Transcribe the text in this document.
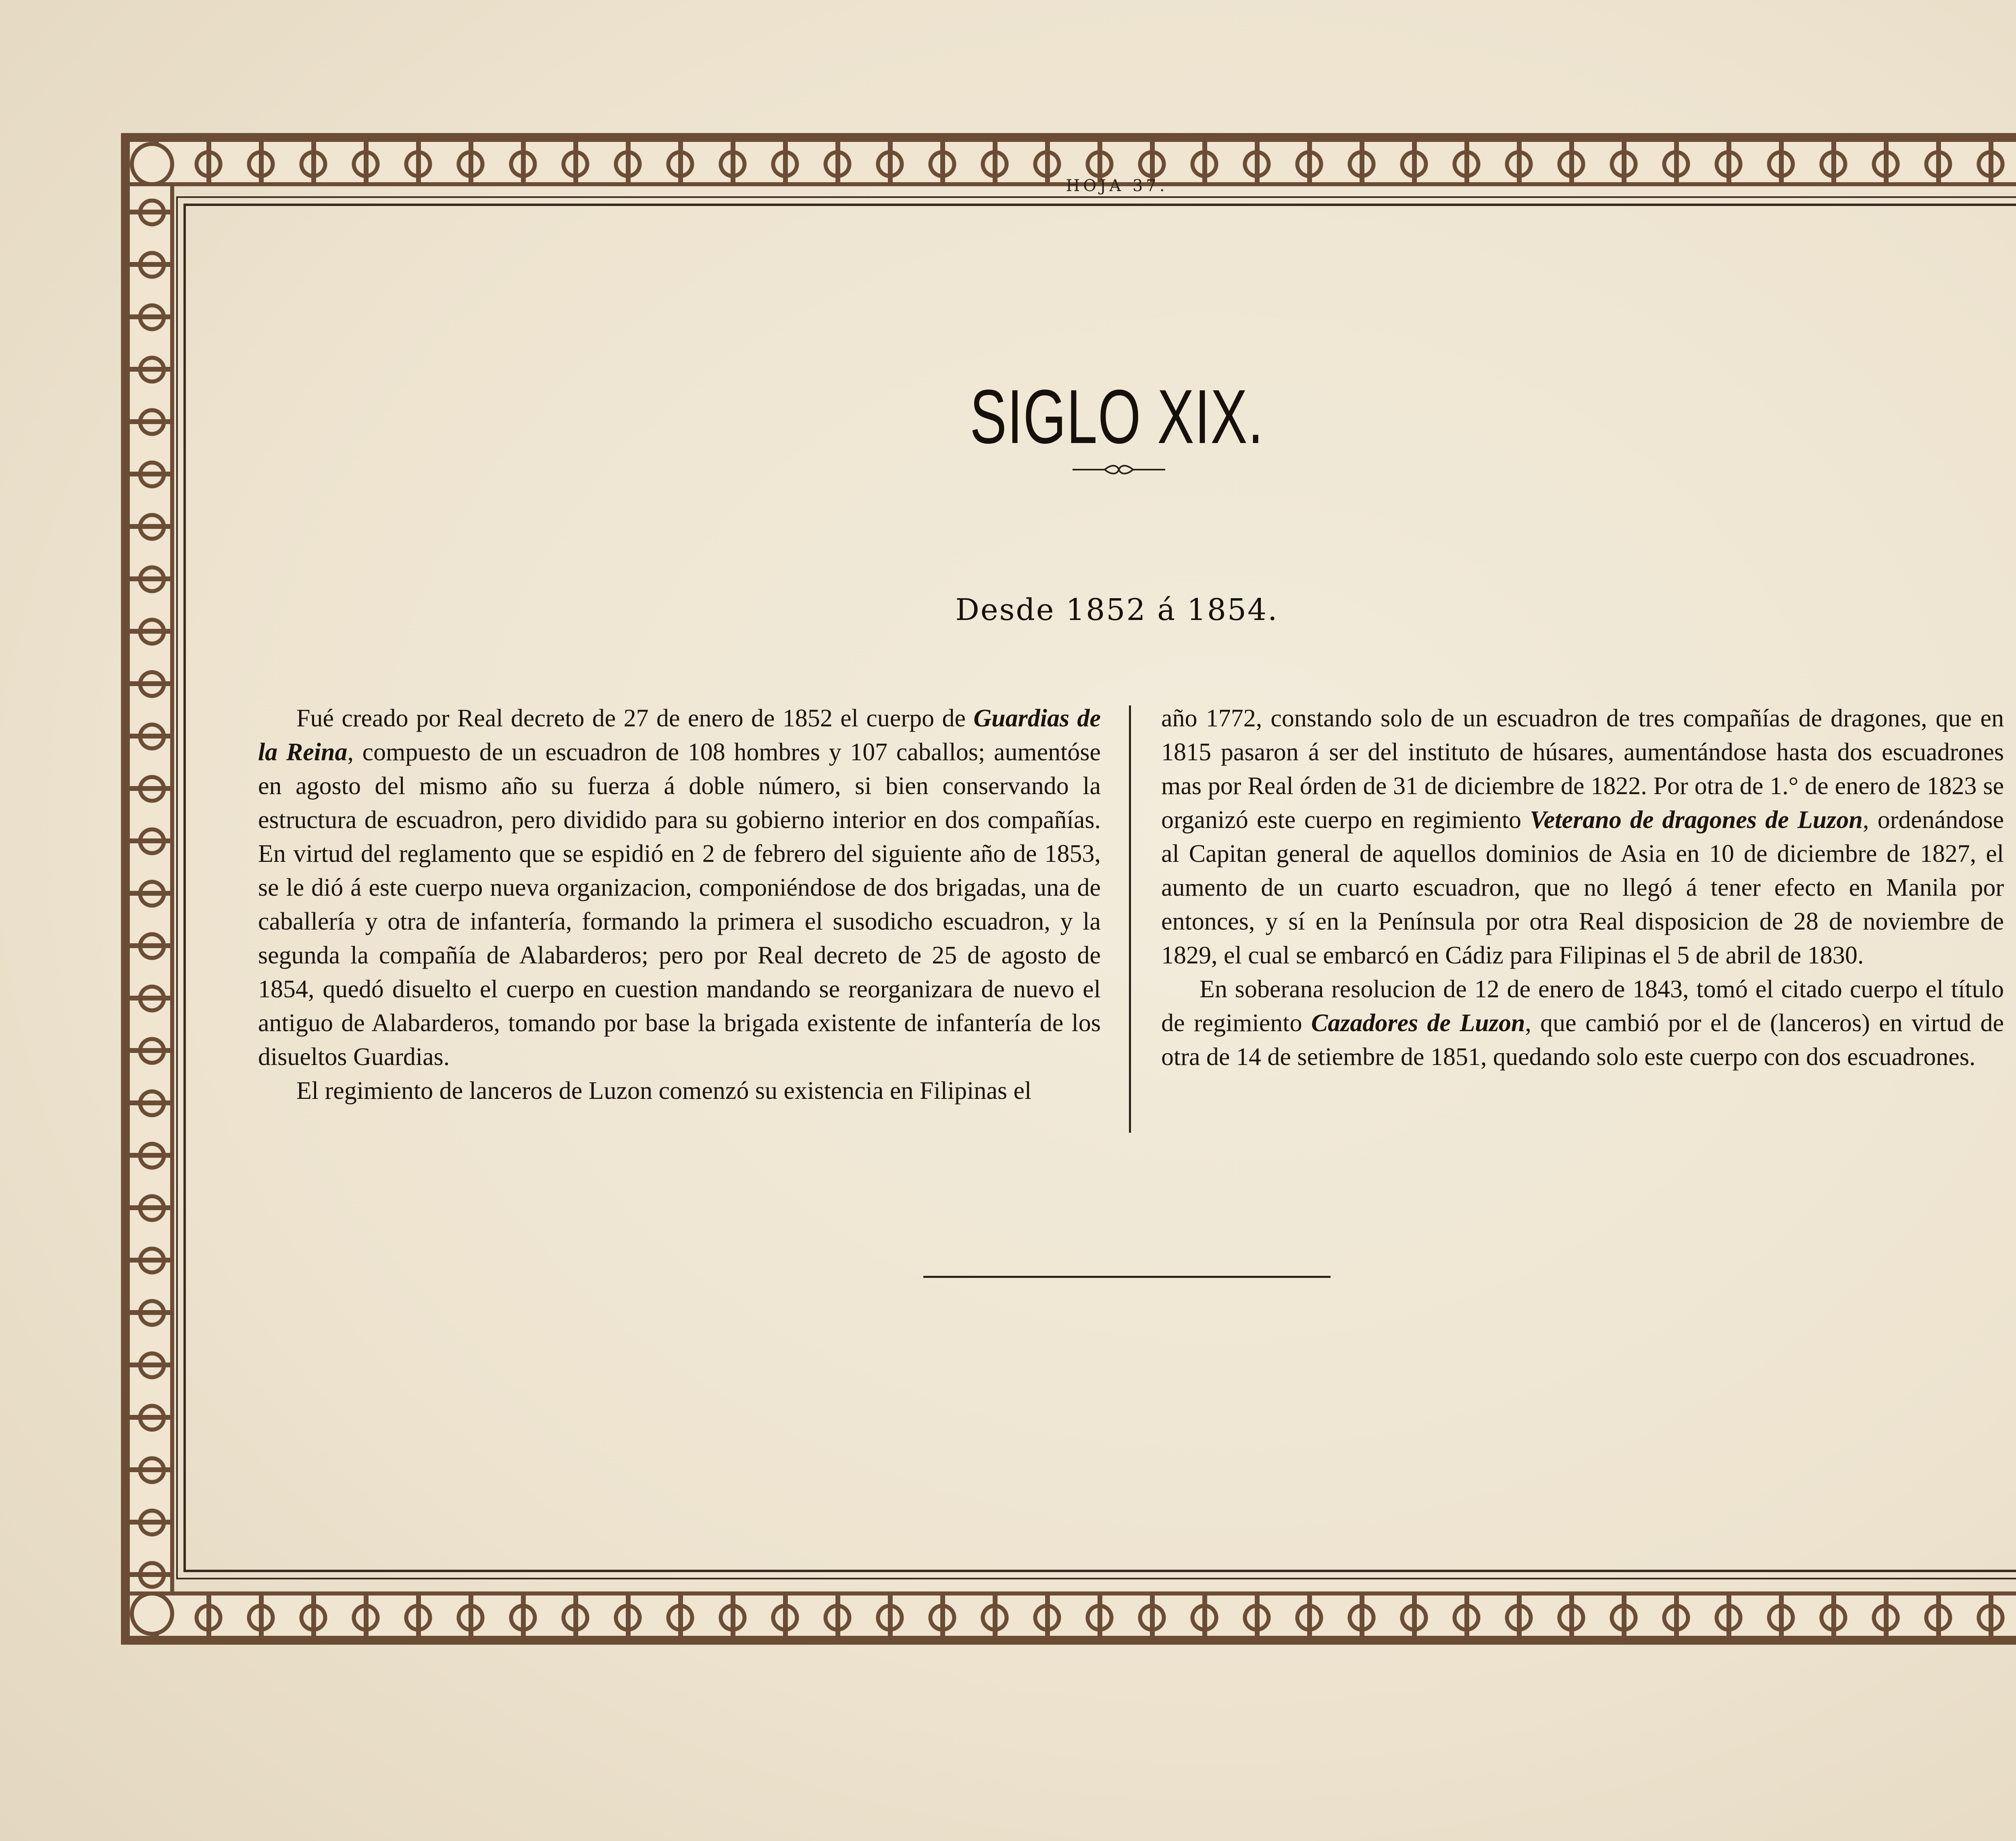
HOJA 37.
SIGLO XIX.
Desde 1852 á 1854.

Fué creado por Real decreto de 27 de enero de 1852 el cuerpo de Guardias de la Reina, compuesto de un escuadron de 108 hombres y 107 caballos; aumentóse en agosto del mismo año su fuerza á doble número, si bien conservando la estructura de escuadron, pero dividido para su gobierno interior en dos compañías. En virtud del reglamento que se espidió en 2 de febrero del siguiente año de 1853, se le dió á este cuerpo nueva organizacion, componiéndose de dos brigadas, una de caballería y otra de infantería, formando la primera el susodicho escuadron, y la segunda la compañía de Alabarderos; pero por Real decreto de 25 de agosto de 1854, quedó disuelto el cuerpo en cuestion mandando se reorganizara de nuevo el antiguo de Alabarderos, tomando por base la brigada existente de infantería de los disueltos Guardias.

El regimiento de lanceros de Luzon comenzó su existencia en Filipinas el

año 1772, constando solo de un escuadron de tres compañías de dragones, que en 1815 pasaron á ser del instituto de húsares, aumentándose hasta dos escuadrones mas por Real órden de 31 de diciembre de 1822. Por otra de 1.° de enero de 1823 se organizó este cuerpo en regimiento Veterano de dragones de Luzon, ordenándose al Capitan general de aquellos dominios de Asia en 10 de diciembre de 1827, el aumento de un cuarto escuadron, que no llegó á tener efecto en Manila por entonces, y sí en la Península por otra Real disposicion de 28 de noviembre de 1829, el cual se embarcó en Cádiz para Filipinas el 5 de abril de 1830.

En soberana resolucion de 12 de enero de 1843, tomó el citado cuerpo el título de regimiento Cazadores de Luzon, que cambió por el de (lanceros) en virtud de otra de 14 de setiembre de 1851, quedando solo este cuerpo con dos escuadrones.
